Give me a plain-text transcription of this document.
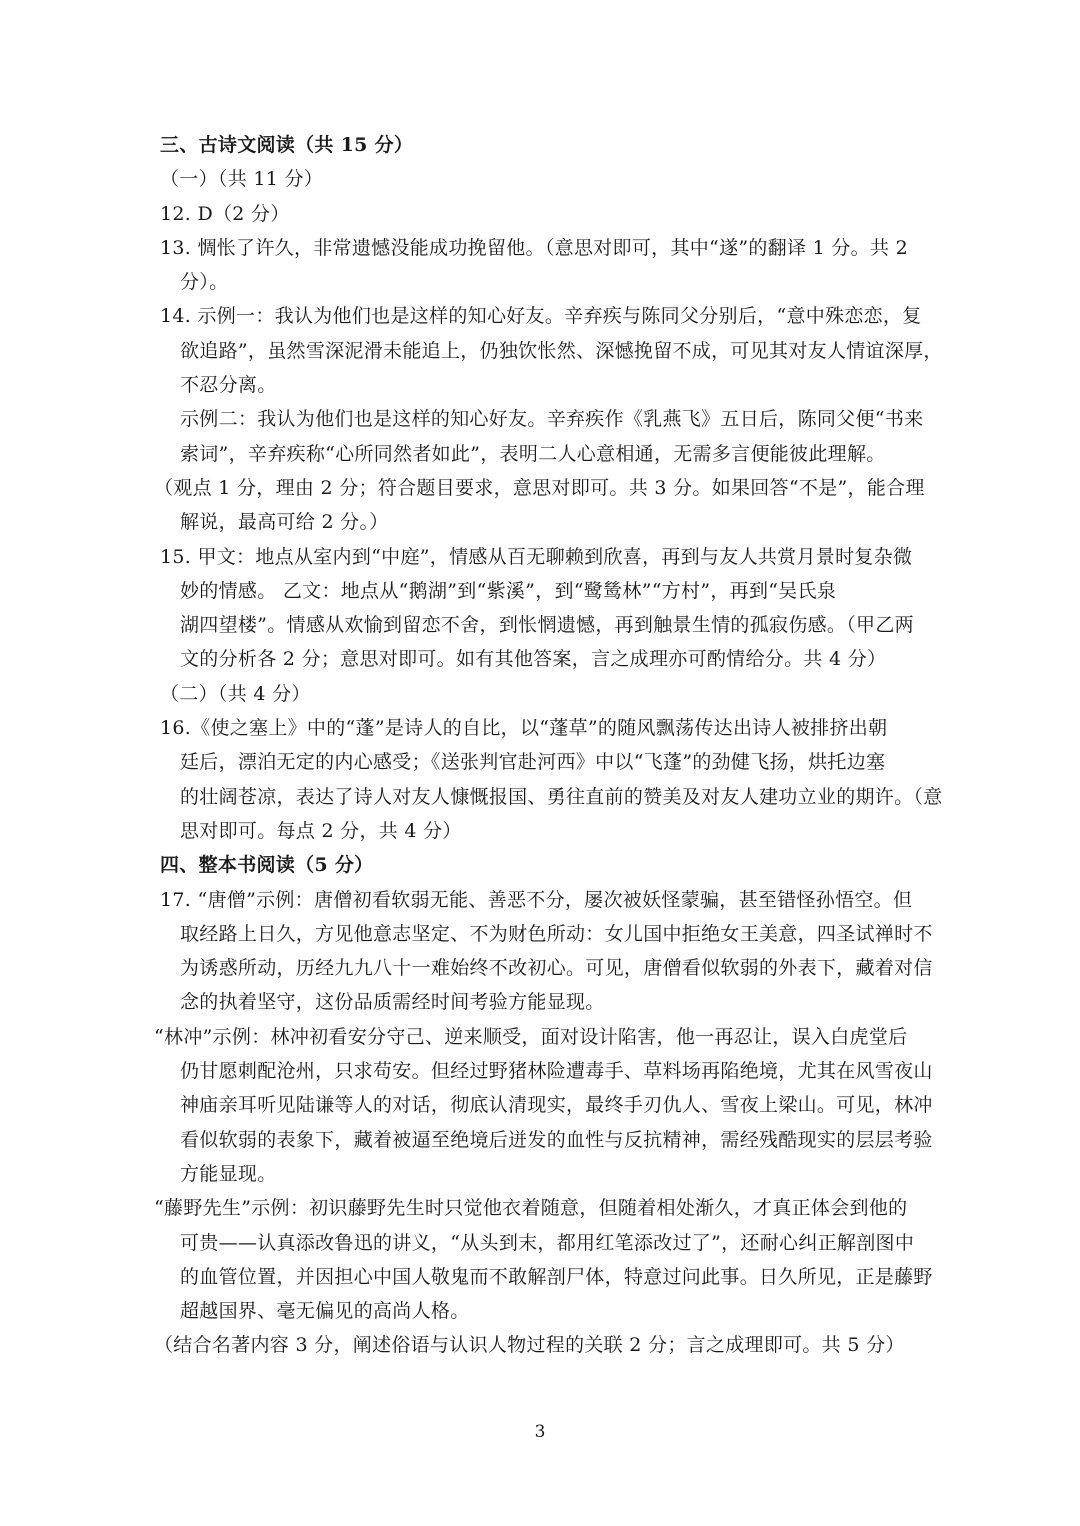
三、古诗文阅读（共 15 分）
（一）（共 11 分）
12. D（2 分）
13. 惆怅了许久，非常遗憾没能成功挽留他。（意思对即可，其中“遂”的翻译 1 分。共 2
分）。
14. 示例一：我认为他们也是这样的知心好友。辛弃疾与陈同父分别后，“意中殊恋恋，复
欲追路”，虽然雪深泥滑未能追上，仍独饮怅然、深憾挽留不成，可见其对友人情谊深厚，
不忍分离。
示例二：我认为他们也是这样的知心好友。辛弃疾作《乳燕飞》五日后，陈同父便“书来
索词”，辛弃疾称“心所同然者如此”，表明二人心意相通，无需多言便能彼此理解。
（观点 1 分，理由 2 分；符合题目要求，意思对即可。共 3 分。如果回答“不是”，能合理
解说，最高可给 2 分。）
15. 甲文：地点从室内到“中庭”，情感从百无聊赖到欣喜，再到与友人共赏月景时复杂微
妙的情感。 乙文：地点从“鹅湖”到“紫溪”，到“鹭鸶林”“方村”，再到“吴氏泉
湖四望楼”。情感从欢愉到留恋不舍，到怅惘遗憾，再到触景生情的孤寂伤感。（甲乙两
文的分析各 2 分；意思对即可。如有其他答案，言之成理亦可酌情给分。共 4 分）
（二）（共 4 分）
16.《使之塞上》中的“蓬”是诗人的自比，以“蓬草”的随风飘荡传达出诗人被排挤出朝
廷后，漂泊无定的内心感受；《送张判官赴河西》中以“飞蓬”的劲健飞扬，烘托边塞
的壮阔苍凉，表达了诗人对友人慷慨报国、勇往直前的赞美及对友人建功立业的期许。（意
思对即可。每点 2 分，共 4 分）
四、整本书阅读（5 分）
17. “唐僧”示例：唐僧初看软弱无能、善恶不分，屡次被妖怪蒙骗，甚至错怪孙悟空。但
取经路上日久，方见他意志坚定、不为财色所动：女儿国中拒绝女王美意，四圣试禅时不
为诱惑所动，历经九九八十一难始终不改初心。可见，唐僧看似软弱的外表下，藏着对信
念的执着坚守，这份品质需经时间考验方能显现。
“林冲”示例：林冲初看安分守己、逆来顺受，面对设计陷害，他一再忍让，误入白虎堂后
仍甘愿刺配沧州，只求苟安。但经过野猪林险遭毒手、草料场再陷绝境，尤其在风雪夜山
神庙亲耳听见陆谦等人的对话，彻底认清现实，最终手刃仇人、雪夜上梁山。可见，林冲
看似软弱的表象下，藏着被逼至绝境后迸发的血性与反抗精神，需经残酷现实的层层考验
方能显现。
“藤野先生”示例：初识藤野先生时只觉他衣着随意，但随着相处渐久，才真正体会到他的
可贵——认真添改鲁迅的讲义，“从头到末，都用红笔添改过了”，还耐心纠正解剖图中
的血管位置，并因担心中国人敬鬼而不敢解剖尸体，特意过问此事。日久所见，正是藤野
超越国界、毫无偏见的高尚人格。
（结合名著内容 3 分，阐述俗语与认识人物过程的关联 2 分；言之成理即可。共 5 分）
3
